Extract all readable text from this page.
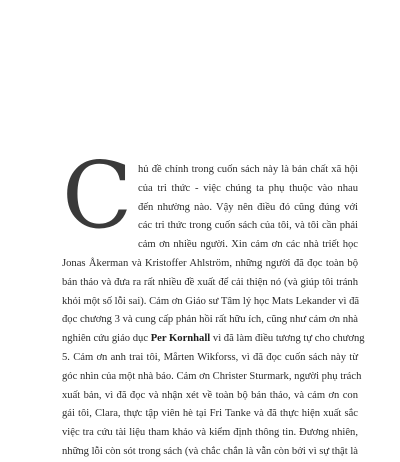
C hủ đề chính trong cuốn sách này là bản chất xã hội
của tri thức - việc chúng ta phụ thuộc vào nhau
đến nhường nào. Vậy nên điều đó cũng đúng với
các tri thức trong cuốn sách của tôi, và tôi cần phải
cảm ơn nhiều người. Xin cảm ơn các nhà triết học
Jonas Åkerman và Kristoffer Ahlström, những người đã đọc toàn bộ
bản thảo và đưa ra rất nhiều đề xuất để cải thiện nó (và giúp tôi tránh
khỏi một số lỗi sai). Cảm ơn Giáo sư Tâm lý học Mats Lekander vì đã
đọc chương 3 và cung cấp phản hồi rất hữu ích, cũng như cảm ơn nhà
nghiên cứu giáo dục Per Kornhall vì đã làm điều tương tự cho chương
5. Cảm ơn anh trai tôi, Mårten Wikforss, vì đã đọc cuốn sách này từ
góc nhìn của một nhà báo. Cảm ơn Christer Sturmark, người phụ trách
xuất bản, vì đã đọc và nhận xét về toàn bộ bản thảo, và cảm ơn con
gái tôi, Clara, thực tập viên hè tại Fri Tanke và đã thực hiện xuất sắc
việc tra cứu tài liệu tham khảo và kiểm định thông tin. Đương nhiên,
những lỗi còn sót trong sách (và chắc chắn là vẫn còn bởi vì sự thật là
